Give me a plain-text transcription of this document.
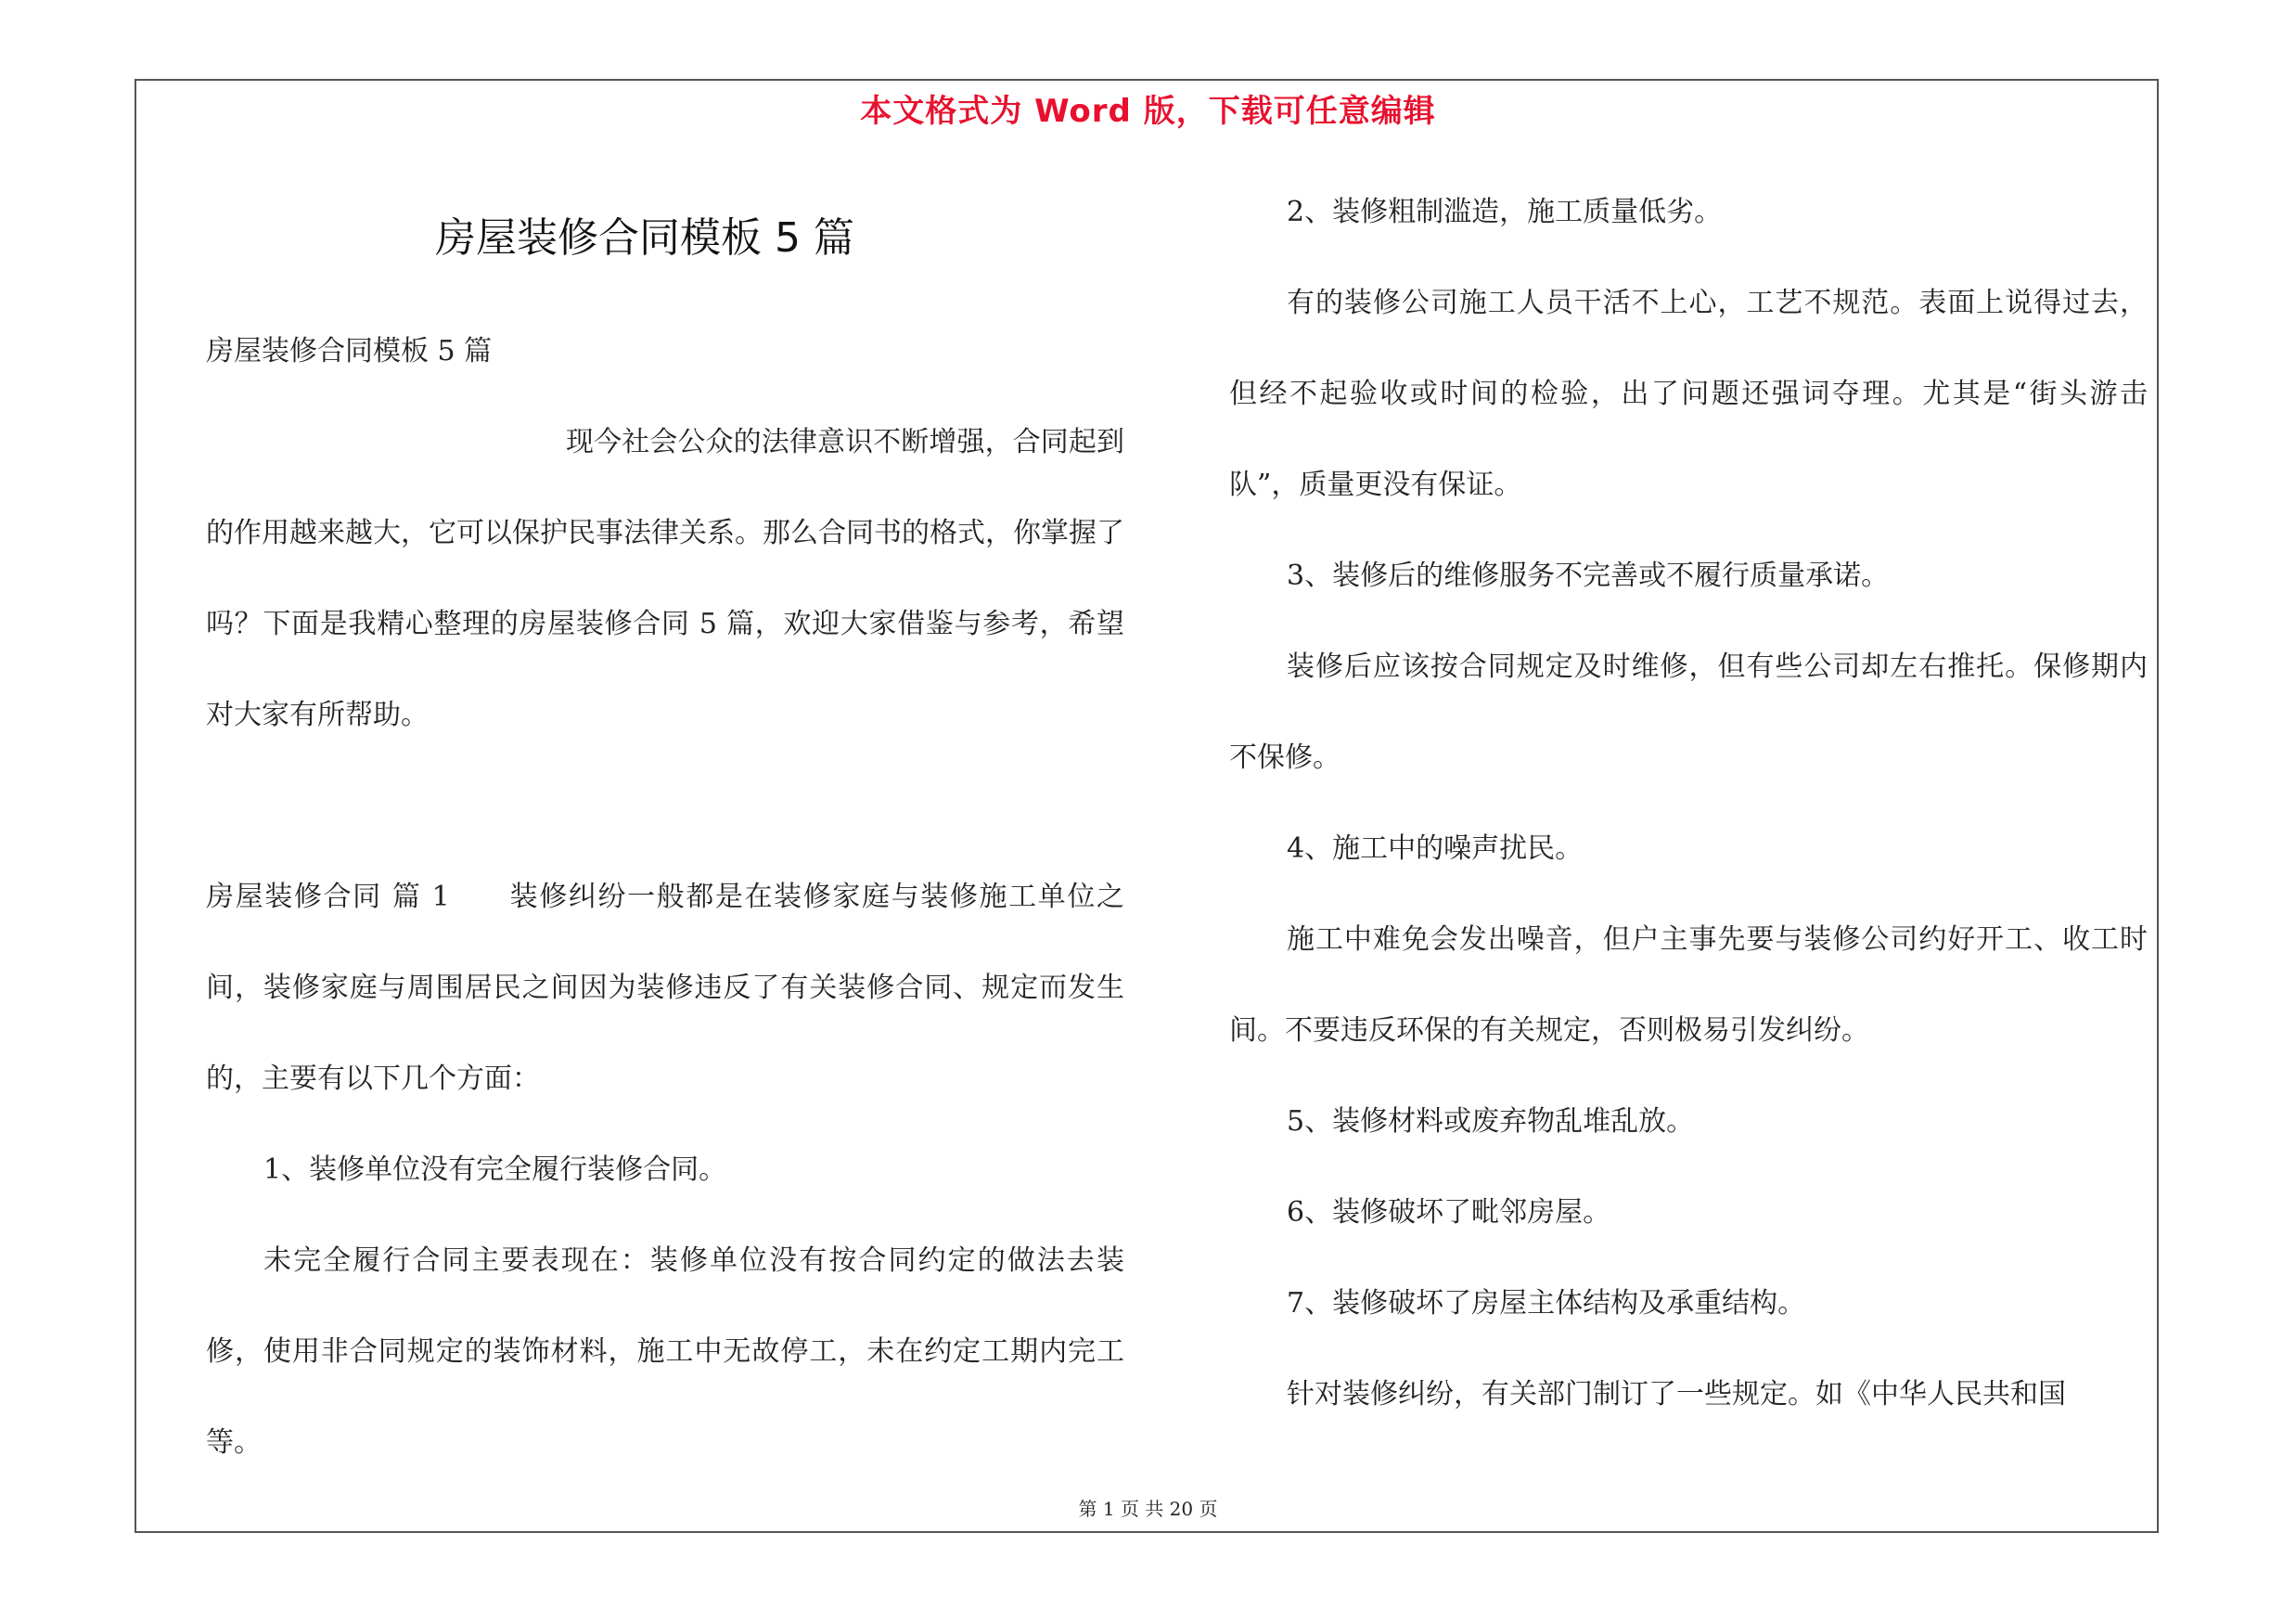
本文格式为 Word 版，下载可任意编辑
房屋装修合同模板 5 篇

房屋装修合同模板 5 篇

现今社会公众的法律意识不断增强，合同起到的作用越来越大，它可以保护民事法律关系。那么合同书的格式，你掌握了吗？下面是我精心整理的房屋装修合同 5 篇，欢迎大家借鉴与参考，希望对大家有所帮助。

房屋装修合同 篇 1　　 装修纠纷一般都是在装修家庭与装修施工单位之间，装修家庭与周围居民之间因为装修违反了有关装修合同、规定而发生的，主要有以下几个方面：

1、装修单位没有完全履行装修合同。

未完全履行合同主要表现在：装修单位没有按合同约定的做法去装修，使用非合同规定的装饰材料，施工中无故停工，未在约定工期内完工等。

2、装修粗制滥造，施工质量低劣。

有的装修公司施工人员干活不上心，工艺不规范。表面上说得过去，但经不起验收或时间的检验，出了问题还强词夺理。尤其是“街头游击队”，质量更没有保证。

3、装修后的维修服务不完善或不履行质量承诺。

装修后应该按合同规定及时维修，但有些公司却左右推托。保修期内不保修。

4、施工中的噪声扰民。

施工中难免会发出噪音，但户主事先要与装修公司约好开工、收工时间。不要违反环保的有关规定，否则极易引发纠纷。

5、装修材料或废弃物乱堆乱放。

6、装修破坏了毗邻房屋。

7、装修破坏了房屋主体结构及承重结构。

针对装修纠纷，有关部门制订了一些规定。如《中华人民共和国

第 1 页 共 20 页
